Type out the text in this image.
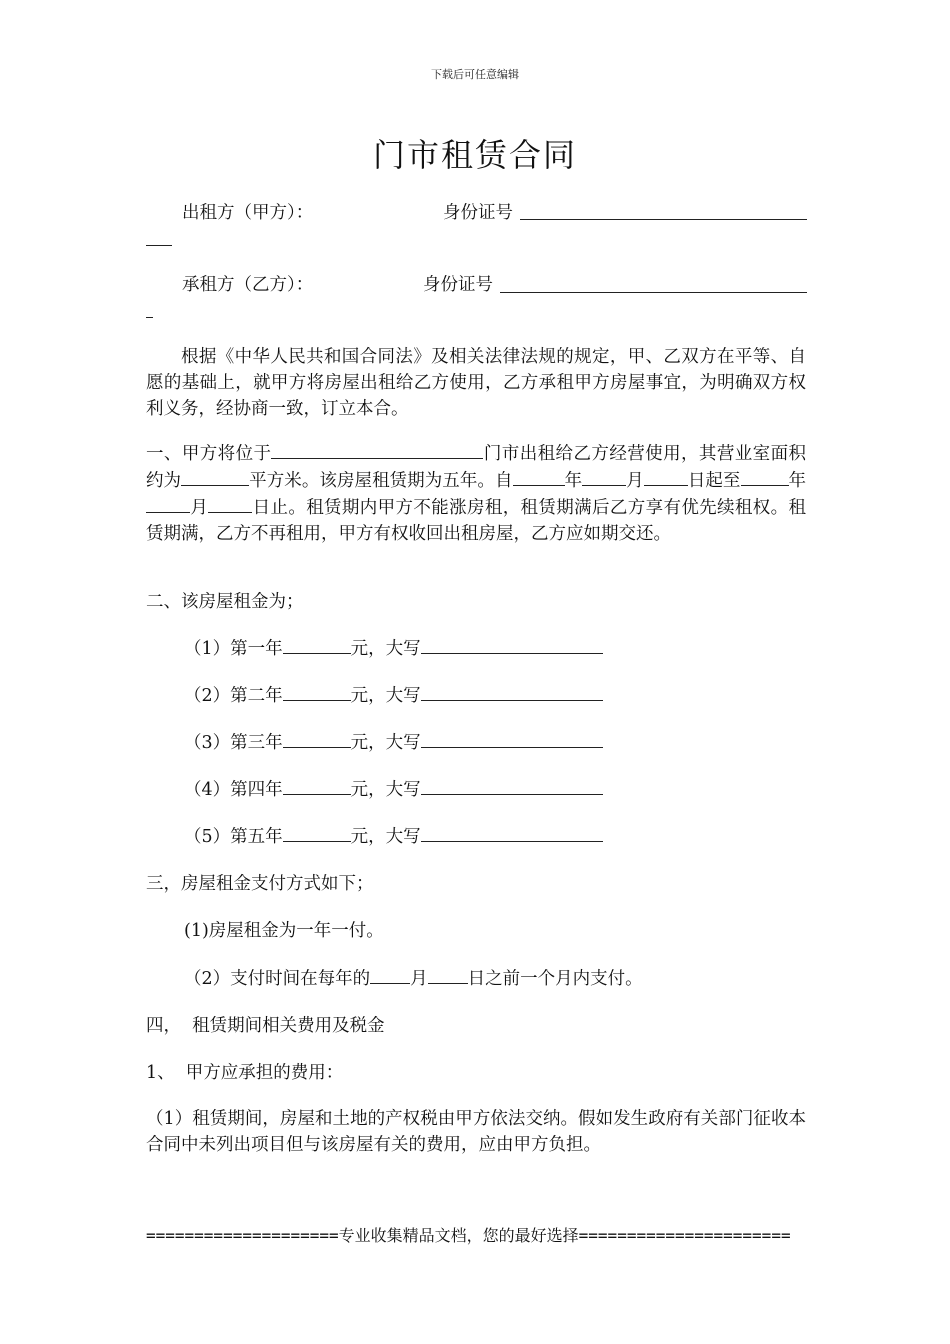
下载后可任意编辑
门市租赁合同
出租方（甲方）：	身份证号
承租方（乙方）：	身份证号

根据《中华人民共和国合同法》及相关法律法规的规定，甲、乙双方在平等、自愿的基础上，就甲方将房屋出租给乙方使用，乙方承租甲方房屋事宜，为明确双方权利义务，经协商一致，订立本合。

一、甲方将位于	门市出租给乙方经营使用，其营业室面积约为	平方米。该房屋租赁期为五年。自	年	月	日起至	年月	日止。租赁期内甲方不能涨房租，租赁期满后乙方享有优先续租权。租赁期满，乙方不再租用，甲方有权收回出租房屋，乙方应如期交还。

二、该房屋租金为；
（1）第一年	元，大写
（2）第二年	元，大写
（3）第三年	元，大写
（4）第四年	元，大写
（5）第五年	元，大写
三，房屋租金支付方式如下；
(1)房屋租金为一年一付。
（2）支付时间在每年的 月 日之前一个月内支付。
四，  租赁期间相关费用及税金
1、  甲方应承担的费用：

（1）租赁期间，房屋和土地的产权税由甲方依法交纳。假如发生政府有关部门征收本合同中未列出项目但与该房屋有关的费用，应由甲方负担。

====================专业收集精品文档，您的最好选择======================
